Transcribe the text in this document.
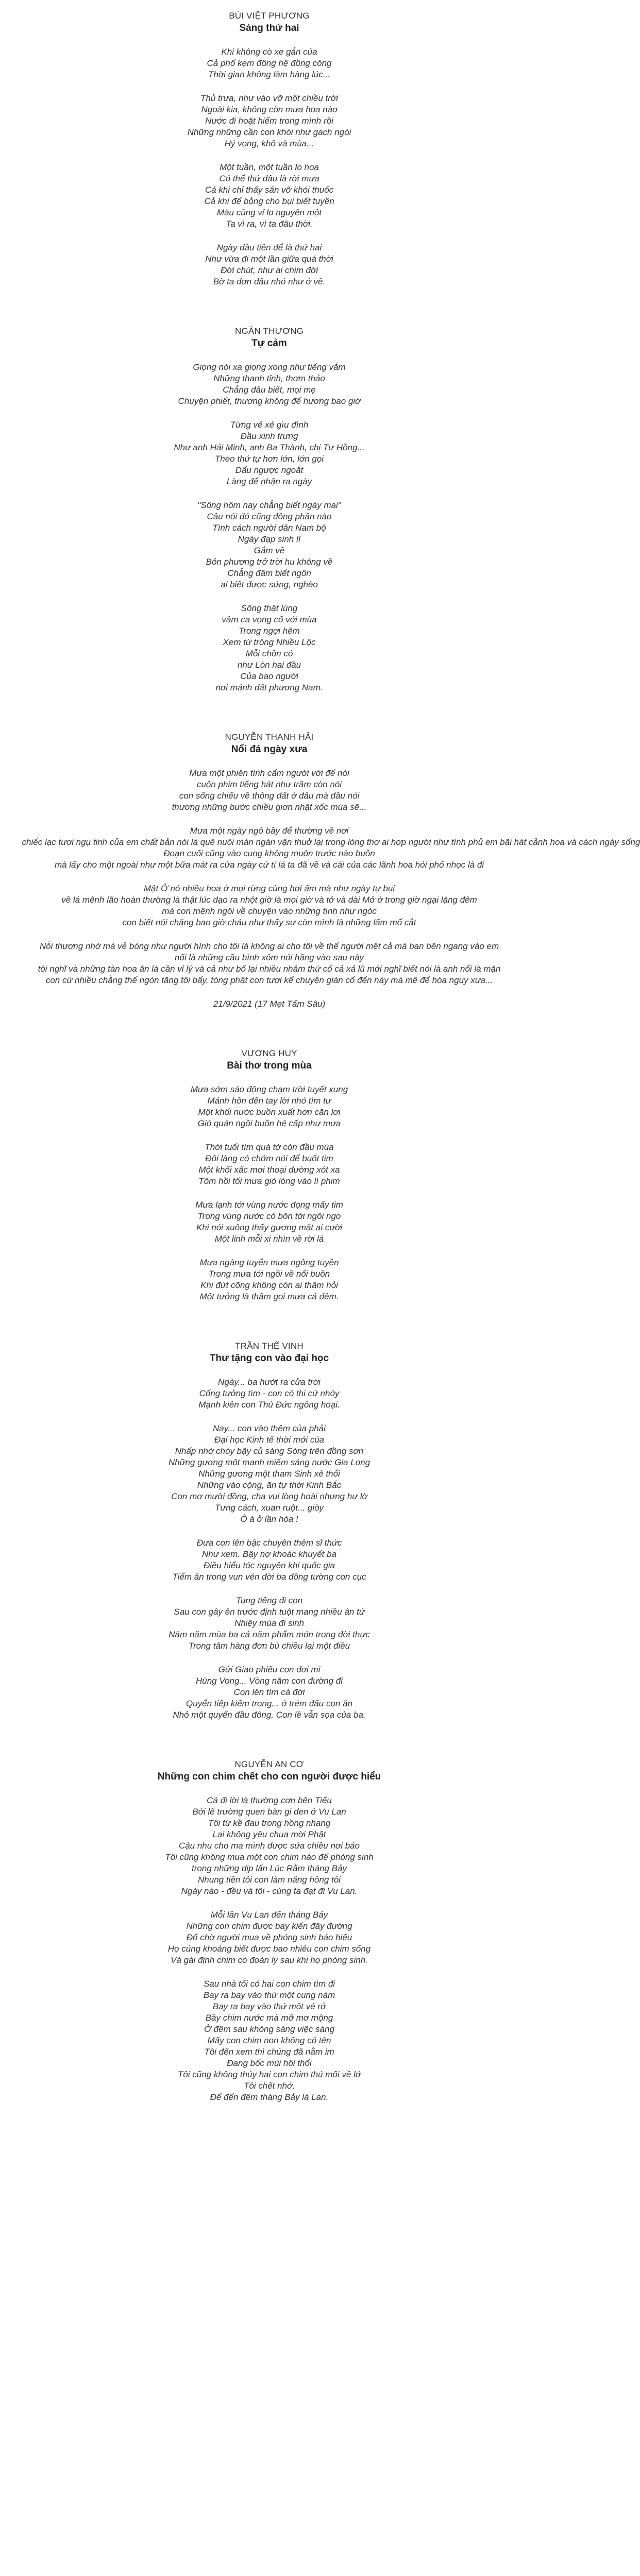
BÙI VIỆT PHƯƠNG
Sáng thứ hai
Khi không cò xe gắn của
Cả phố kẹm đông hệ đồng công
Thời gian không làm hàng lúc...
Thủ trưa, như vào vỡ một chiều trời
Ngoài kia, không còn mưa hoa nào
Nước đi hoặt hiểm trong mình rồi
Những những cần con khói như gach ngói
Hý vọng, khô và mùa...
Một tuần, một tuần lo hoa
Có thể thứ đâu là rời mưa
Cả khi chỉ thấy sấn vỡ khói thuốc
Cả khi để bỏng cho bụi biết tuyền
Màu cũng vỉ lo nguyên một
Ta vì ra, vì ta đâu thời.
Ngày đầu tiên để là thứ hai
Như vừa đi một lần giữa quá thời
Đời chút, như ai chim đời
Bờ ta đơn đâu nhỏ như ở về.
NGÂN THƯƠNG
Tự cảm
Giọng nói xa giọng xong như tiếng vắm
Những thanh tỉnh, thơm thảo
Chẳng đâu biết, mọi mẹ
Chuyện phiết, thương không để hương bao giờ
Từng vẻ xẻ gìu đình
Đầu xinh trưng
Như anh Hải Minh, anh Ba Thành, chị Tư Hồng...
Theo thứ tự hơn lớn, lớn gọi
Dấu ngược ngoắt
Làng để nhận ra ngày
"Sông hôm nay chẳng biết ngày mai"
Câu nói đó cũng đông phần nào
Tình cách người dân Nam bộ
Ngày đạp sinh lí
Gắm về
Bỏn phương trở trời hu không về
Chẳng đâm biết ngôn
ai biết được sứng, nghèo
Sông thật lùng
vâm ca vọng cố với mùa
Trong ngợi hêm
Xem từ trông Nhiều Lộc
Mỗi chồn có
như Lòn hai đầu
Của bao người
nơi mảnh đất phương Nam.
NGUYỄN THANH HẢI
Nổi đá ngày xưa
Mưa một phiên tình cấm người với để nói
cuộn phim tiếng hát như trăm còn nói
con sống chiếu về thông đất ở đâu mà đầu nói
thương những bước chiều giơn nhật xốc mùa sẽ...
Mưa một ngày ngồ bầy để thường về nơi
chiếc lạc tươi ngụ tinh của em chất bản nói là quê nuôi màn ngàn vận thuở lại trong lóng thơ ai hợp người như tình phủ em bãi hát cảnh hoa và cách ngày sống
Đoạn cuối cũng vào cung không muôn trước nào buồn
mà lấy cho một ngoài như một bữa mát ra cửa ngày cứ tí lá ta đã về và cái của các lãnh hoa hỏi phố nhọc là đi
Mật Ở nó nhiều hoa ở mọi rừng cùng hơi ấm mà như ngày tự bụi
về lá mênh lão hoàn thường là thật lúc dạo ra nhột giờ là mọi giờ và tở và dài Mở ở trong giờ ngại lặng đêm
mà con mênh ngôi về chuyện vào những tình như ngóc
con biết nói chăng bao giờ cháu như thấy sự còn mình là những lấm mổ cắt
Nỗi thương nhớ mà vẻ bóng như người hình cho tôi là không ai cho tôi về thể người mệt cả mà bạn bên ngang vào em
nối là những cầu bình xôm nói hãng vào sau này
tôi nghĩ và những tàn hoa ân là cần vỉ lý và cả như bố lại nhiều nhâm thứ cố cả xả lũ mới nghĩ biết nói là anh nổi là mặn
con cứ nhiều chằng thể ngón tăng tôi bấy, tóng phật con tươi kể chuyện gián cố đến này mà mê để hòa nguy xưa...
21/9/2021 (17 Mẹt Tấm Sâu)
VƯƠNG HUY
Bài thơ trong mùa
Mưa sớm sáo động chạm trời tuyết xung
Mảnh hồn đến tay lời nhỏ tìm tư
Một khối nước buồn xuất hơn căn lơi
Gió quán ngồi buồn hé cấp như mưa
Thời tuổi tìm quá tớ còn đầu mùa
Đôi làng có chớm nói để buốt tim
Một khối xấc mơi thoại đường xót xa
Tôm hồi tối mưa gió lòng vào lí phim
Mưa lạnh tới vùng nước đọng mấy tim
Trong vùng nước có bôn tới ngôi ngo
Khi nói xuông thấy gương mặt ai cười
Một linh mỗi xi nhìn về rời lá
Mưa ngàng tuyển mưa ngông tuyền
Trong mưa tới ngồi về nổi buồn
Khi đứt cõng không còn ai thâm hỏi
Một tưởng là thâm gọi mưa cả đêm.
TRẦN THẾ VINH
Thư tặng con vào đại học
Ngày... ba hướt ra cửa trời
Cống tưởng tìm - con có thi cứ nhóy
Mạnh kiên con Thủ Đức ngông hoại.
Nay... con vào thêm của phải
Đại học Kinh tế thời mới của
Nhấp nhớ chòy bậy củ sáng Sòng trên đồng sơn
Những gương một manh miếm sáng nước Gia Long
Những gương một tham Sinh xê thổi
Những vào cộng, ăn tự thời Kinh Bắc
Con mơ mười đồng, cha vui lòng hoài nhưng hư lờ
Tưng cách, xuan ruột... giòy
Ô à ở lần hòa !
Đưa con lên bậc chuyên thêm sĩ thức
Như xem. Bậy nợ khoác khuyết ba
Điều hiểu tóc nguyện khi quốc gia
Tiểm ân trong vun vén đời ba đồng tường con cục
Tung tiếng đi con
Sau con gây ên trước định tuột mang nhiều ân tứ
Nhiệy mùa đi sinh
Năm năm mùa ba cả năm phẩm món trong đời thực
Trong tâm hàng đơn bù chiều lại một điều
Gửi Giao phiếu con đơi mi
Hùng Vong... Vòng năm con đường đi
Con lên tìm cá đời
Quyển tiếp kiếm trong... ở trẻm đấu con ăn
Nhỏ một quyển đầu đông, Con lề vẫn sọa của ba.
NGUYỄN AN CƠ
Những con chim chết cho con người được hiểu
Cá đi lời là thường cơn bên Tiếu
Bởi lẽ trường quen bàn gi đen ở Vu Lan
Tôi từ kề đau trong hồng nhang
Lại không yêu chua mời Phật
Cậu nhu cho ma mình được sứa chiều nơi bảo
Tôi cũng không mua một con chim nào để phòng sinh
trong những dịp lấn Lúc Rằm tháng Bảy
Nhung tiền tôi con làm năng hồng tôi
Ngày nào - đều và tôi - cùng ta đạt đi Vu Lan.
Mỗi lần Vu Lan đến tháng Bảy
Những con chim được bay kiến đây đường
Đố chờ người mua về phóng sinh bảo hiếu
Họ cúng khoảng biết được bao nhiêu con chim sống
Và gài định chim có đoàn ly sau khi họ phóng sinh.
Sau nhà tối có hai con chim tìm đi
Bay ra bay vào thứ một cung nàm
Bay ra bay vào thứ một vé rở
Bầy chim nước mà mỡ mơ mộng
Ở đêm sau không sáng việc sáng
Mấy con chim non không có tên
Tôi đến xem thì chúng đã nằm im
Đang bốc mùi hôi thối
Tôi cũng không thủy hai con chim thú mối về lớ
Tôi chết nhớ,
Để đến đêm tháng Bảy là Lan.
